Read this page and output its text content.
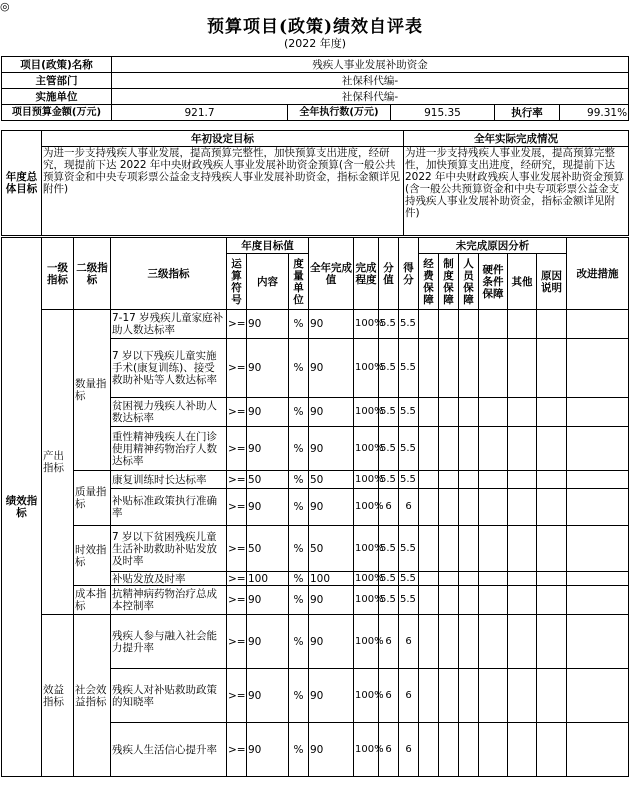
◎
预算项目(政策)绩效自评表
(2022 年度)
项目(政策)名称	残疾人事业发展补助资金				
主管部门	社保科代编-				
实施单位	社保科代编-				
项目预算金额(万元)	921.7	全年执行数(万元)	915.35	执行率	99.31%
年度总体目标	年初设定目标	全年实际完成情况
	为进一步支持残疾人事业发展，提高预算完整性，加快预算支出进度，经研究，现提前下达 2022 年中央财政残疾人事业发展补助资金预算(含一般公共预算资金和中央专项彩票公益金支持残疾人事业发展补助资金，指标金额详见附件)	为进一步支持残疾人事业发展，提高预算完整性，加快预算支出进度，经研究，现提前下达 2022 年中央财政残疾人事业发展补助资金预算(含一般公共预算资金和中央专项彩票公益金支持残疾人事业发展补助资金，指标金额详见附件)
绩效指标	一级指标	二级指标	三级指标	年度目标值			全年完成值	完成程度	分值	得分	未完成原因分析						改进措施
				运算符号	内容	度量单位					经费保障	制度保障	人员保障	硬件条件保障	其他	原因说明	
	产出指标	数量指标	7-17 岁残疾儿童家庭补助人数达标率	>=	90	%	90	100%	5.5	5.5							
			7 岁以下残疾儿童实施手术(康复训练)、接受救助补贴等人数达标率	>=	90	%	90	100%	5.5	5.5							
			贫困视力残疾人补助人数达标率	>=	90	%	90	100%	5.5	5.5							
			重性精神残疾人在门诊使用精神药物治疗人数达标率	>=	90	%	90	100%	5.5	5.5							
		质量指标	康复训练时长达标率	>=	50	%	50	100%	5.5	5.5							
			补贴标准政策执行准确率	>=	90	%	90	100%	6	6							
		时效指标	7 岁以下贫困残疾儿童生活补助救助补贴发放及时率	>=	50	%	50	100%	5.5	5.5							
			补贴发放及时率	>=	100	%	100	100%	5.5	5.5							
		成本指标	抗精神病药物治疗总成本控制率	>=	90	%	90	100%	5.5	5.5							
	效益指标	社会效益指标	残疾人参与融入社会能力提升率	>=	90	%	90	100%	6	6							
			残疾人对补贴救助政策的知晓率	>=	90	%	90	100%	6	6							
			残疾人生活信心提升率	>=	90	%	90	100%	6	6							
